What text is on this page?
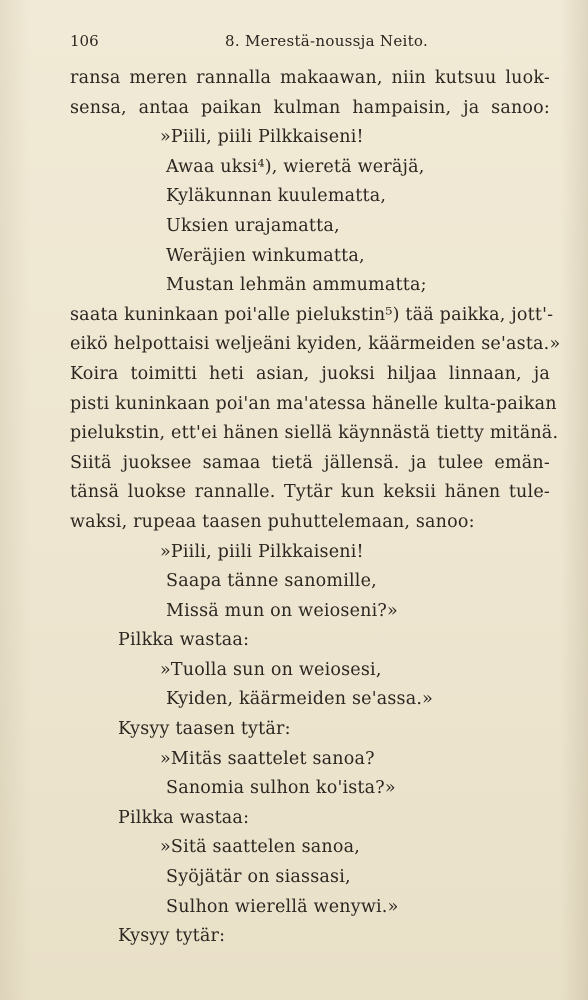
106	8. Merestä-noussja Neito.
ransa meren rannalla makaawan, niin kutsuu luok-
sensa, antaa paikan kulman hampaisin, ja sanoo:
»Piili, piili Pilkkaiseni!
Awaa uksi⁴), wieretä weräjä,
Kyläkunnan kuulematta,
Uksien urajamatta,
Weräjien winkumatta,
Mustan lehmän ammumatta;
saata kuninkaan poi'alle pielukstin⁵) tää paikka, jott'-
eikö helpottaisi weljeäni kyiden, käärmeiden se'asta.»
Koira toimitti heti asian, juoksi hiljaa linnaan, ja
pisti kuninkaan poi'an ma'atessa hänelle kulta-paikan
pielukstin, ett'ei hänen siellä käynnästä tietty mitänä.
Siitä juoksee samaa tietä jällensä. ja tulee emän-
tänsä luokse rannalle. Tytär kun keksii hänen tule-
waksi, rupeaa taasen puhuttelemaan, sanoo:
»Piili, piili Pilkkaiseni!
Saapa tänne sanomille,
Missä mun on weioseni?»
Pilkka wastaa:
»Tuolla sun on weiosesi,
Kyiden, käärmeiden se'assa.»
Kysyy taasen tytär:
»Mitäs saattelet sanoa?
Sanomia sulhon ko'ista?»
Pilkka wastaa:
»Sitä saattelen sanoa,
Syöjätär on siassasi,
Sulhon wierellä wenywi.»
Kysyy tytär:
